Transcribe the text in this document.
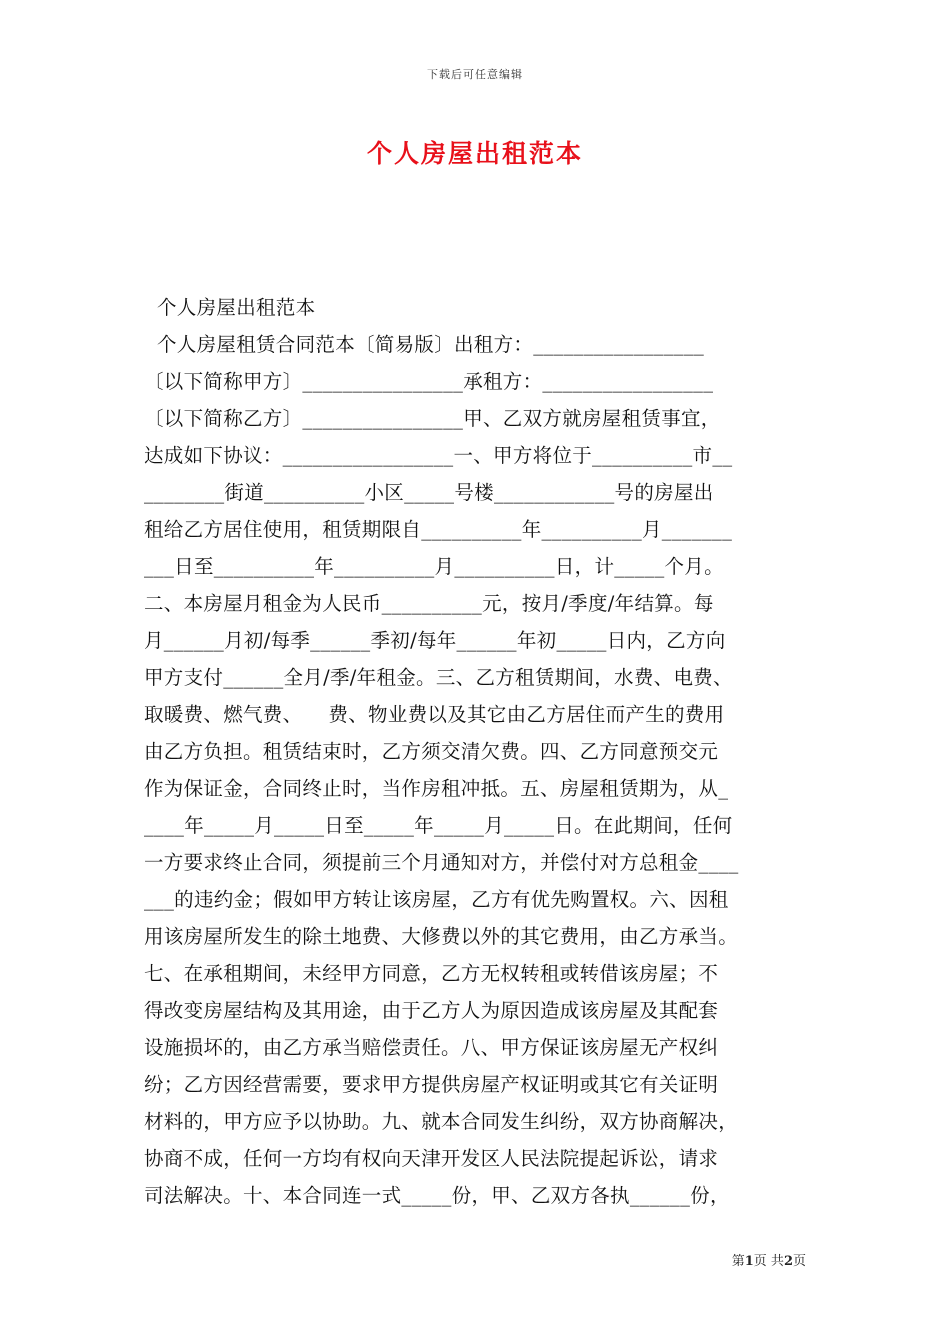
下载后可任意编辑
个人房屋出租范本
个人房屋出租范本
个人房屋租赁合同范本〔简易版〕出租方：_________________
〔以下简称甲方〕________________承租方：_________________
〔以下简称乙方〕________________甲、乙双方就房屋租赁事宜，
达成如下协议：_________________一、甲方将位于__________市__
________街道__________小区_____号楼____________号的房屋出
租给乙方居住使用，租赁期限自__________年__________月_______
___日至__________年__________月__________日，计_____个月。
二、本房屋月租金为人民币__________元，按月/季度/年结算。每
月______月初/每季______季初/每年______年初_____日内，乙方向
甲方支付______全月/季/年租金。三、乙方租赁期间，水费、电费、
取暖费、燃气费、    费、物业费以及其它由乙方居住而产生的费用
由乙方负担。租赁结束时，乙方须交清欠费。四、乙方同意预交元
作为保证金，合同终止时，当作房租冲抵。五、房屋租赁期为，从_
____年_____月_____日至_____年_____月_____日。在此期间，任何
一方要求终止合同，须提前三个月通知对方，并偿付对方总租金____
___的违约金；假如甲方转让该房屋，乙方有优先购置权。六、因租
用该房屋所发生的除土地费、大修费以外的其它费用，由乙方承当。
七、在承租期间，未经甲方同意，乙方无权转租或转借该房屋；不
得改变房屋结构及其用途，由于乙方人为原因造成该房屋及其配套
设施损坏的，由乙方承当赔偿责任。八、甲方保证该房屋无产权纠
纷；乙方因经营需要，要求甲方提供房屋产权证明或其它有关证明
材料的，甲方应予以协助。九、就本合同发生纠纷，双方协商解决，
协商不成，任何一方均有权向天津开发区人民法院提起诉讼，请求
司法解决。十、本合同连一式_____份，甲、乙双方各执______份，
第1页 共2页
